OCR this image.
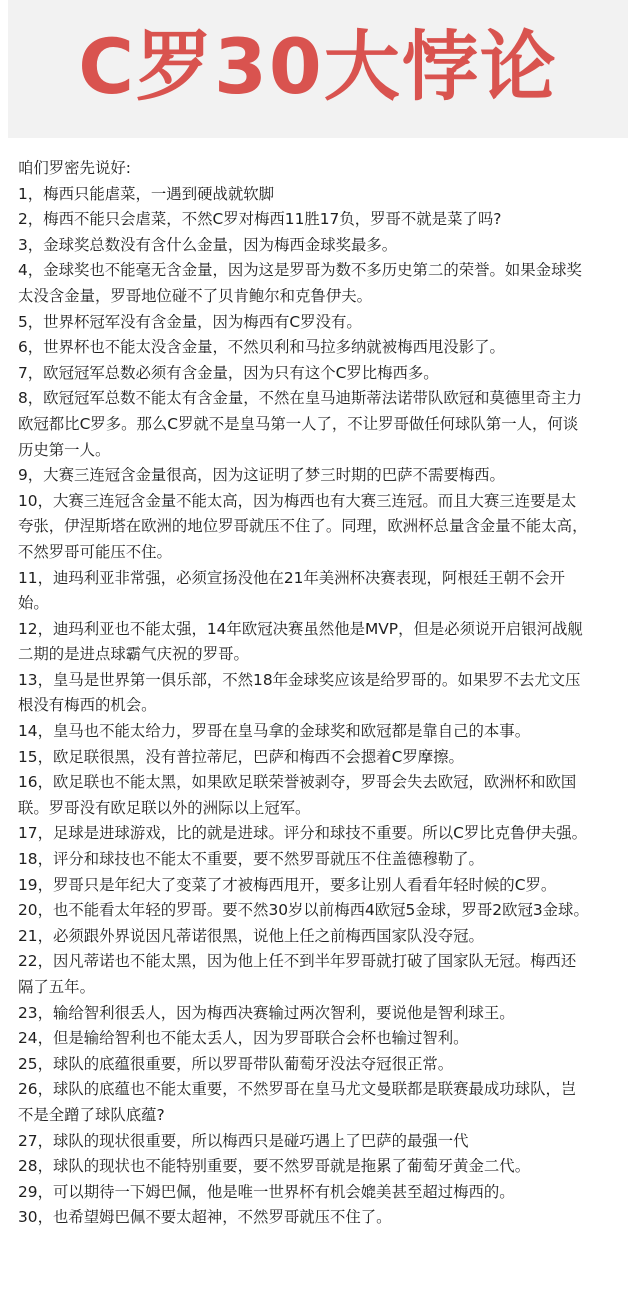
C罗30大悖论
咱们罗密先说好:
1，梅西只能虐菜，一遇到硬战就软脚
2，梅西不能只会虐菜，不然C罗对梅西11胜17负，罗哥不就是菜了吗?
3，金球奖总数没有含什么金量，因为梅西金球奖最多。
4，金球奖也不能毫无含金量，因为这是罗哥为数不多历史第二的荣誉。如果金球奖
太没含金量，罗哥地位碰不了贝肯鲍尔和克鲁伊夫。
5，世界杯冠军没有含金量，因为梅西有C罗没有。
6，世界杯也不能太没含金量，不然贝利和马拉多纳就被梅西甩没影了。
7，欧冠冠军总数必须有含金量，因为只有这个C罗比梅西多。
8，欧冠冠军总数不能太有含金量，不然在皇马迪斯蒂法诺带队欧冠和莫德里奇主力
欧冠都比C罗多。那么C罗就不是皇马第一人了，不让罗哥做任何球队第一人，何谈
历史第一人。
9，大赛三连冠含金量很高，因为这证明了梦三时期的巴萨不需要梅西。
10，大赛三连冠含金量不能太高，因为梅西也有大赛三连冠。而且大赛三连要是太
夸张，伊涅斯塔在欧洲的地位罗哥就压不住了。同理，欧洲杯总量含金量不能太高，
不然罗哥可能压不住。
11，迪玛利亚非常强，必须宣扬没他在21年美洲杯决赛表现，阿根廷王朝不会开
始。
12，迪玛利亚也不能太强，14年欧冠决赛虽然他是MVP，但是必须说开启银河战舰
二期的是进点球霸气庆祝的罗哥。
13，皇马是世界第一俱乐部，不然18年金球奖应该是给罗哥的。如果罗不去尤文压
根没有梅西的机会。
14，皇马也不能太给力，罗哥在皇马拿的金球奖和欧冠都是靠自己的本事。
15，欧足联很黑，没有普拉蒂尼，巴萨和梅西不会摁着C罗摩擦。
16，欧足联也不能太黑，如果欧足联荣誉被剥夺，罗哥会失去欧冠，欧洲杯和欧国
联。罗哥没有欧足联以外的洲际以上冠军。
17，足球是进球游戏，比的就是进球。评分和球技不重要。所以C罗比克鲁伊夫强。
18，评分和球技也不能太不重要，要不然罗哥就压不住盖德穆勒了。
19，罗哥只是年纪大了变菜了才被梅西甩开，要多让别人看看年轻时候的C罗。
20，也不能看太年轻的罗哥。要不然30岁以前梅西4欧冠5金球，罗哥2欧冠3金球。
21，必须跟外界说因凡蒂诺很黑，说他上任之前梅西国家队没夺冠。
22，因凡蒂诺也不能太黑，因为他上任不到半年罗哥就打破了国家队无冠。梅西还
隔了五年。
23，输给智利很丢人，因为梅西决赛输过两次智利，要说他是智利球王。
24，但是输给智利也不能太丢人，因为罗哥联合会杯也输过智利。
25，球队的底蕴很重要，所以罗哥带队葡萄牙没法夺冠很正常。
26，球队的底蕴也不能太重要，不然罗哥在皇马尤文曼联都是联赛最成功球队，岂
不是全蹭了球队底蕴?
27，球队的现状很重要，所以梅西只是碰巧遇上了巴萨的最强一代
28，球队的现状也不能特别重要，要不然罗哥就是拖累了葡萄牙黄金二代。
29，可以期待一下姆巴佩，他是唯一世界杯有机会媲美甚至超过梅西的。
30，也希望姆巴佩不要太超神，不然罗哥就压不住了。
